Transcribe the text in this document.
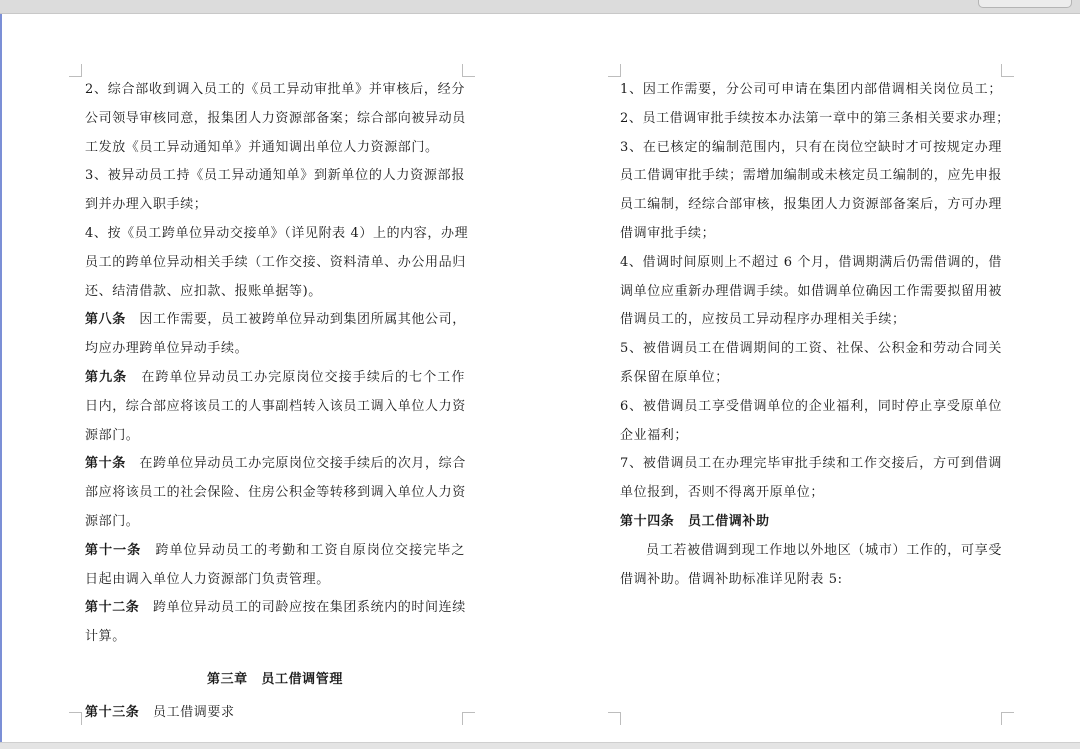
2、综合部收到调入员工的《员工异动审批单》并审核后，经分
公司领导审核同意，报集团人力资源部备案；综合部向被异动员
工发放《员工异动通知单》并通知调出单位人力资源部门。
3、被异动员工持《员工异动通知单》到新单位的人力资源部报
到并办理入职手续；
4、按《员工跨单位异动交接单》（详见附表 4）上的内容，办理
员工的跨单位异动相关手续（工作交接、资料清单、办公用品归
还、结清借款、应扣款、报账单据等)。
第八条　因工作需要，员工被跨单位异动到集团所属其他公司，
均应办理跨单位异动手续。
第九条　在跨单位异动员工办完原岗位交接手续后的七个工作
日内，综合部应将该员工的人事副档转入该员工调入单位人力资
源部门。
第十条　在跨单位异动员工办完原岗位交接手续后的次月，综合
部应将该员工的社会保险、住房公积金等转移到调入单位人力资
源部门。
第十一条　跨单位异动员工的考勤和工资自原岗位交接完毕之
日起由调入单位人力资源部门负责管理。
第十二条　跨单位异动员工的司龄应按在集团系统内的时间连续
计算。
第三章　员工借调管理
第十三条　员工借调要求
1、因工作需要，分公司可申请在集团内部借调相关岗位员工；
2、员工借调审批手续按本办法第一章中的第三条相关要求办理；
3、在已核定的编制范围内，只有在岗位空缺时才可按规定办理
员工借调审批手续；需增加编制或未核定员工编制的，应先申报
员工编制，经综合部审核，报集团人力资源部备案后，方可办理
借调审批手续；
4、借调时间原则上不超过 6 个月，借调期满后仍需借调的，借
调单位应重新办理借调手续。如借调单位确因工作需要拟留用被
借调员工的，应按员工异动程序办理相关手续；
5、被借调员工在借调期间的工资、社保、公积金和劳动合同关
系保留在原单位；
6、被借调员工享受借调单位的企业福利，同时停止享受原单位
企业福利；
7、被借调员工在办理完毕审批手续和工作交接后，方可到借调
单位报到，否则不得离开原单位；
第十四条　员工借调补助
员工若被借调到现工作地以外地区（城市）工作的，可享受
借调补助。借调补助标准详见附表 5:
